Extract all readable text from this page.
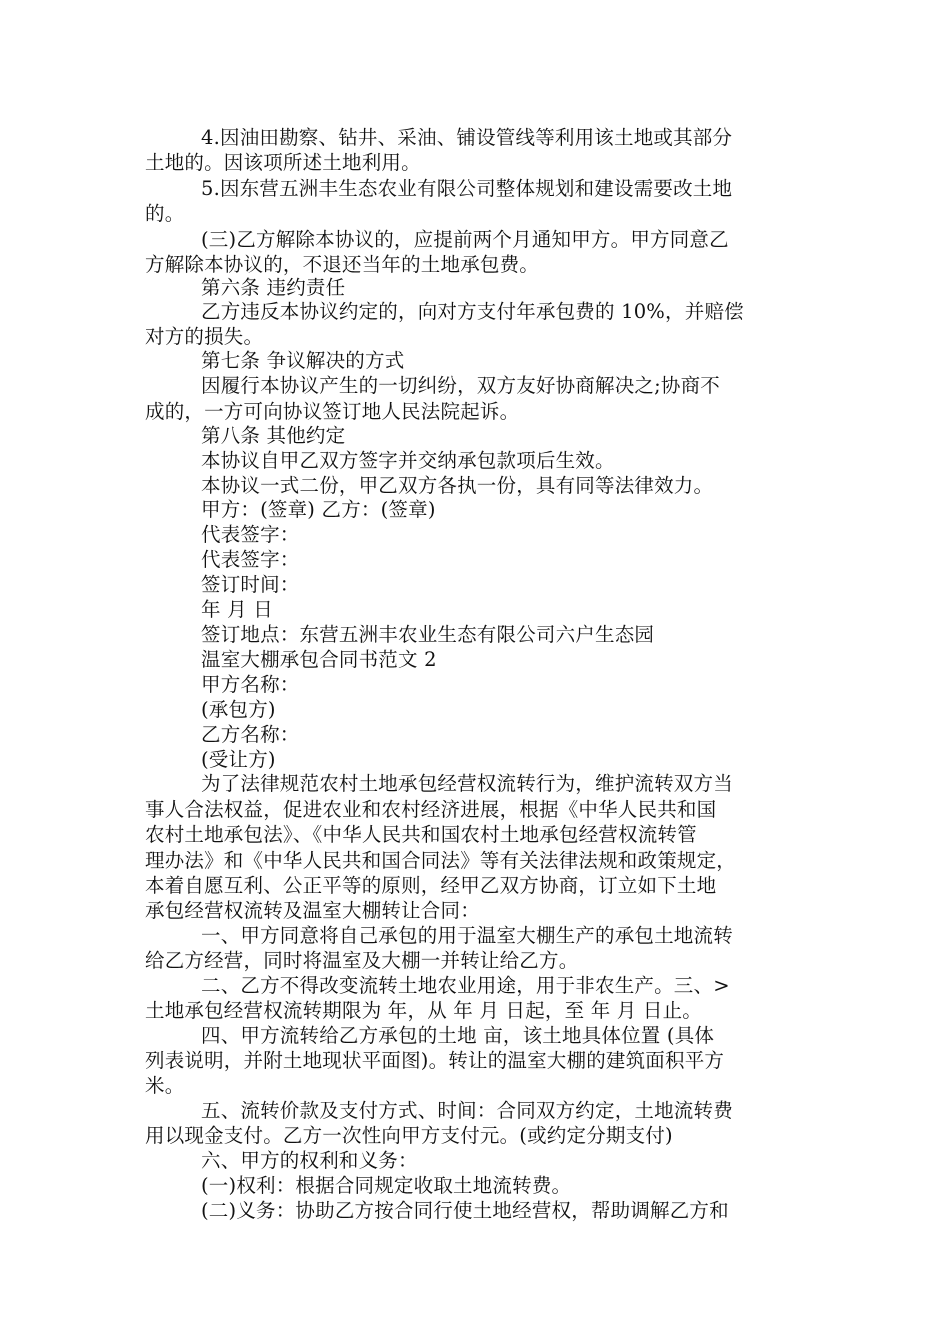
4.因油田勘察、钻井、采油、铺设管线等利用该土地或其部分
土地的。因该项所述土地利用。
5.因东营五洲丰生态农业有限公司整体规划和建设需要改土地
的。
(三)乙方解除本协议的，应提前两个月通知甲方。甲方同意乙
方解除本协议的，不退还当年的土地承包费。
第六条 违约责任
乙方违反本协议约定的，向对方支付年承包费的 10%，并赔偿
对方的损失。
第七条 争议解决的方式
因履行本协议产生的一切纠纷，双方友好协商解决之;协商不
成的，一方可向协议签订地人民法院起诉。
第八条 其他约定
本协议自甲乙双方签字并交纳承包款项后生效。
本协议一式二份，甲乙双方各执一份，具有同等法律效力。
甲方：(签章) 乙方：(签章)
代表签字：
代表签字：
签订时间：
年 月 日
签订地点：东营五洲丰农业生态有限公司六户生态园
温室大棚承包合同书范文 2
甲方名称：
(承包方)
乙方名称：
(受让方)
为了法律规范农村土地承包经营权流转行为，维护流转双方当
事人合法权益，促进农业和农村经济进展，根据《中华人民共和国
农村土地承包法》、《中华人民共和国农村土地承包经营权流转管
理办法》和《中华人民共和国合同法》等有关法律法规和政策规定，
本着自愿互利、公正平等的原则，经甲乙双方协商，订立如下土地
承包经营权流转及温室大棚转让合同：
一、甲方同意将自己承包的用于温室大棚生产的承包土地流转
给乙方经营，同时将温室及大棚一并转让给乙方。
二、乙方不得改变流转土地农业用途，用于非农生产。三、>
土地承包经营权流转期限为 年，从 年 月 日起，至 年 月 日止。
四、甲方流转给乙方承包的土地 亩，该土地具体位置 (具体
列表说明，并附土地现状平面图)。转让的温室大棚的建筑面积平方
米。
五、流转价款及支付方式、时间：合同双方约定，土地流转费
用以现金支付。乙方一次性向甲方支付元。(或约定分期支付)
六、甲方的权利和义务：
(一)权利：根据合同规定收取土地流转费。
(二)义务：协助乙方按合同行使土地经营权，帮助调解乙方和
